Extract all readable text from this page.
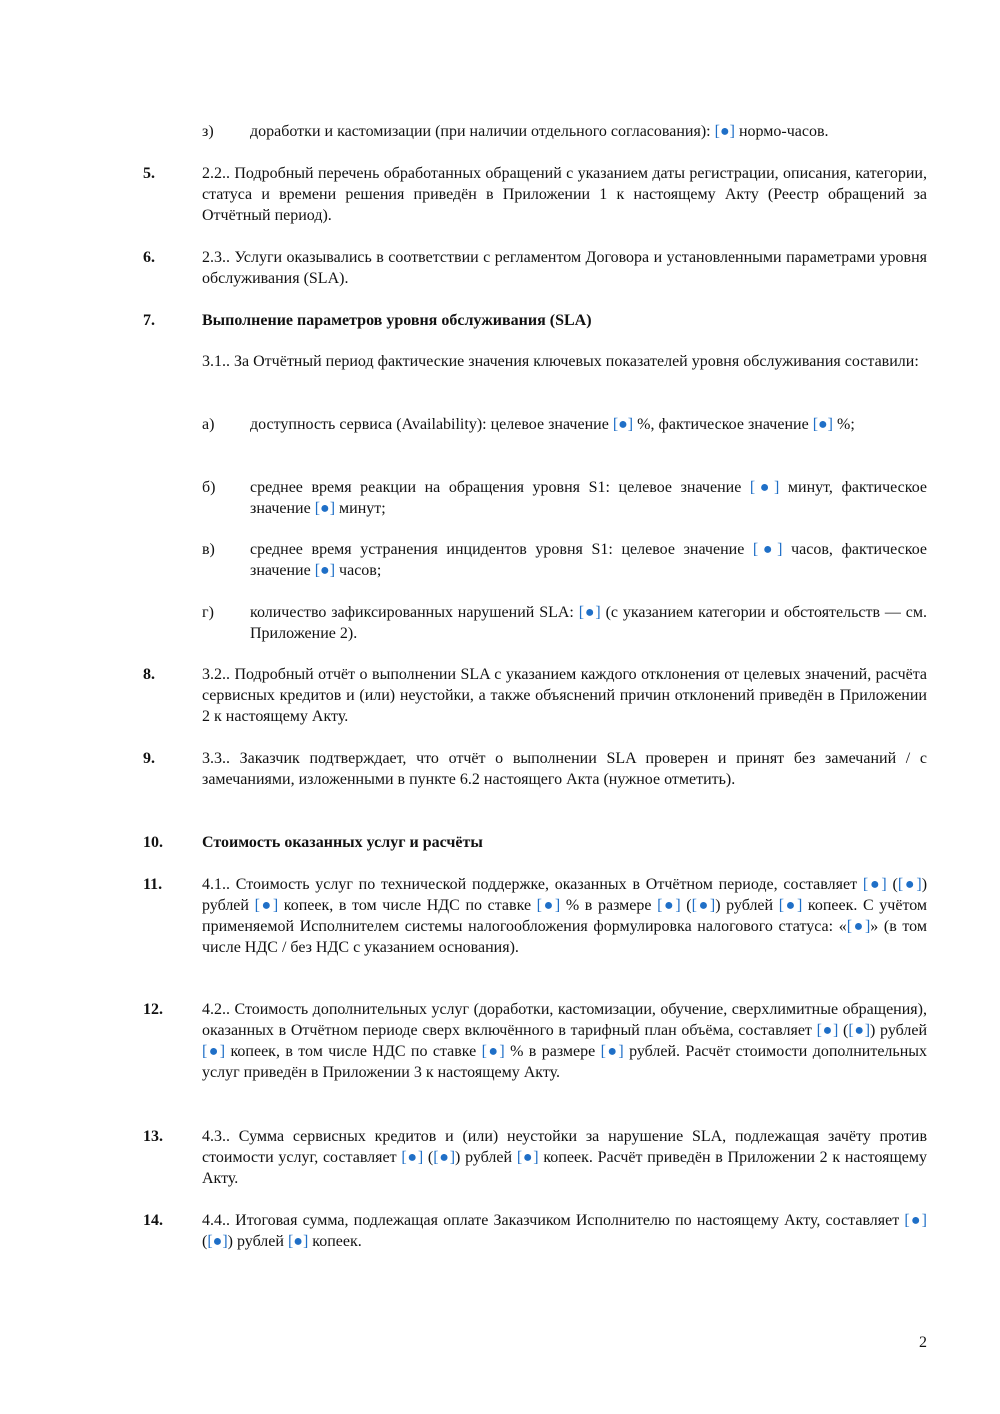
з) доработки и кастомизации (при наличии отдельного согласования): [●] нормо-часов.
5.	2.2.. Подробный перечень обработанных обращений с указанием даты регистрации, описания, категории, статуса и времени решения приведён в Приложении 1 к настоящему Акту (Реестр обращений за Отчётный период).
6.	2.3.. Услуги оказывались в соответствии с регламентом Договора и установленными параметрами уровня обслуживания (SLA).
7.	Выполнение параметров уровня обслуживания (SLA)
3.1.. За Отчётный период фактические значения ключевых показателей уровня обслуживания составили:
а) доступность сервиса (Availability): целевое значение [●] %, фактическое значение [●] %;
б) среднее время реакции на обращения уровня S1: целевое значение [●] минут, фактическое значение [●] минут;
в) среднее время устранения инцидентов уровня S1: целевое значение [●] часов, фактическое значение [●] часов;
г) количество зафиксированных нарушений SLA: [●] (с указанием категории и обстоятельств — см. Приложение 2).
8.	3.2.. Подробный отчёт о выполнении SLA с указанием каждого отклонения от целевых значений, расчёта сервисных кредитов и (или) неустойки, а также объяснений причин отклонений приведён в Приложении 2 к настоящему Акту.
9.	3.3.. Заказчик подтверждает, что отчёт о выполнении SLA проверен и принят без замечаний / с замечаниями, изложенными в пункте 6.2 настоящего Акта (нужное отметить).
10. Стоимость оказанных услуг и расчёты
11. 4.1.. Стоимость услуг по технической поддержке, оказанных в Отчётном периоде, составляет [●] ([●]) рублей [●] копеек, в том числе НДС по ставке [●] % в размере [●] ([●]) рублей [●] копеек. С учётом применяемой Исполнителем системы налогообложения формулировка налогового статуса: «[●]» (в том числе НДС / без НДС с указанием основания).
12. 4.2.. Стоимость дополнительных услуг (доработки, кастомизации, обучение, сверхлимитные обращения), оказанных в Отчётном периоде сверх включённого в тарифный план объёма, составляет [●] ([●]) рублей [●] копеек, в том числе НДС по ставке [●] % в размере [●] рублей. Расчёт стоимости дополнительных услуг приведён в Приложении 3 к настоящему Акту.
13. 4.3.. Сумма сервисных кредитов и (или) неустойки за нарушение SLA, подлежащая зачёту против стоимости услуг, составляет [●] ([●]) рублей [●] копеек. Расчёт приведён в Приложении 2 к настоящему Акту.
14. 4.4.. Итоговая сумма, подлежащая оплате Заказчиком Исполнителю по настоящему Акту, составляет [●] ([●]) рублей [●] копеек.
2
